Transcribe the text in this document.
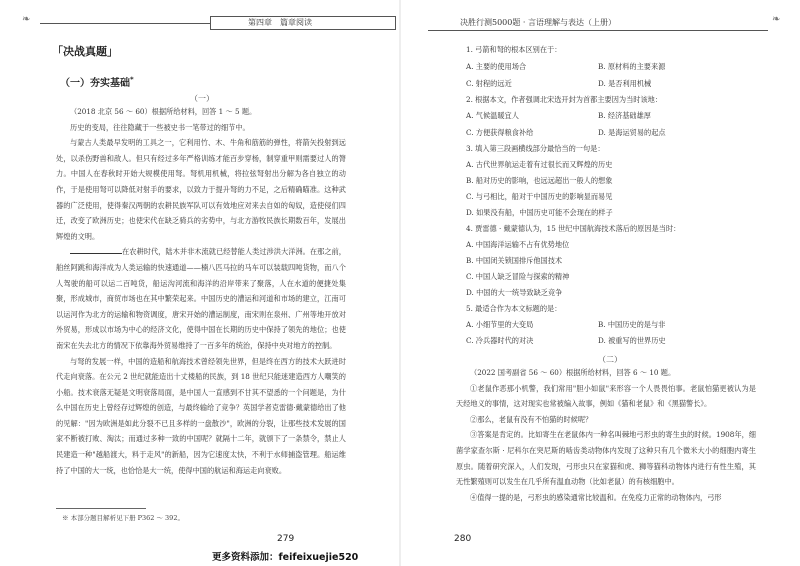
❧	第四章　篇章阅读
「决战真题」
（一）夯实基础*
（一）

（2018 北京 56 ～ 60）根据所给材料，回答 1 ～ 5 题。

历史的变局，往往隐藏于一些被史书一笔带过的细节中。

与蒙古人类最早发明的工具之一，它利用竹、木、牛角和筋筋的弹性，将箭矢投射到远处，以杀伤野兽和敌人。但只有经过多年严格训练才能百步穿杨，制穿重甲则需要过人的膂力。中国人在春秋时开始大规模使用弩。弩机用机械，将拉弦弩射出分解为各自独立的动作，于是使用弩可以降低对射手的要求，以致力于提升弩的力不足，之后精确瞄准。这种武器的广泛使用，使得秦汉两朝的农耕民族军队可以有效地应对来去自如的匈奴，造使侵们四迁，改变了欧洲历史；也使宋代在缺乏骑兵的劣势中，与北方游牧民族长期数百年，发展出辉煌的文明。

在农耕时代，陆木并非木流就已经替能人类过涉洪大洋洲。在那之前，舶丝阿跳和海洋成为人类运输的快速通道——楠八匹马拉的马车可以装载四吨货物，而八个人驾驶的船可以运二百吨货，船运沟河流和海洋的沿岸带来了聚落，人在水道的便捷处集聚，形成城市，商贸市场也在其中繁荣起来。中国历史的漕运和河道和市场的建立，江南可以运河作为北方的运输和物资调度，唐宋开始的漕运制度，南宋则在泉州、广州等地开放对外贸易，形成以市场为中心的经济文化，使得中国在长期的历史中保持了领先的地位；也使南宋在失去北方的情况下依靠海外贸易维持了一百多年的统治，保持中央对地方的控制。

与弩的发展一样，中国的造船和航海技术曾经领先世界，但是终在西方的技术大跃进时代走向衰落。在公元 2 世纪就能造出十丈楼船的民族，到 18 世纪只能迷建造西方人嘲笑的小船。技术衰落无疑是文明衰落局面，是中国人一直感到不甘其不望悉的一个问题是，为什么中国在历史上曾经存过辉煌的创造，与最终输给了竞争？英国学者克雷德·戴蒙德给出了他的见解："因为欧洲是如此分裂不已且多样的一盘散沙"，欧洲的分裂，让那些技术发展的国家不断被打败、淘汰；而通过多种一致的中国呢？就隔十二年，就颁下了一条禁令，禁止人民建造一种"越船渡大，料于走风"的新船，因为它速度太快，不利于水师捕盗管理。船运维持了中国的大一统，也恰恰是大一统，使得中国的航运和海运走向衰败。

※ 本部分题目解析见下册 P362 ～ 392。
279
更多资料添加：feifeixuejie520
决胜行测5000题 · 言语理解与表达（上册）	❧
1. 弓箭和弩的根本区别在于：
A. 主要的使用场合	B. 原材料的主要来源
C. 射程的远近	D. 是否利用机械
2. 根据本文，作者强调北宋选开封为首都主要因为当时该地：
A. 气候温暖宜人	B. 经济基础雄厚
C. 方便获得粮食补给	D. 是海运贸易的起点
3. 填入第三段画横线部分最恰当的一句是：
A. 古代世界航运走着有过很长而又辉煌的历史
B. 船对历史的影响，也远远超出一般人的想象
C. 与弓相比，船对于中国历史的影响显而易见
D. 如果没有船，中国历史可能不会现在的样子
4. 贾雷德 · 戴蒙德认为，15 世纪中国航海技术落后的原因是当时：
A. 中国海洋运输不占有优势地位
B. 中国闭关锁国排斥他国技术
C. 中国人缺乏冒险与探索的精神
D. 中国的大一统导致缺乏竞争
5. 最适合作为本文标题的是：
A. 小细节里的大变局	B. 中国历史的是与非
C. 冷兵器时代的对决	D. 被重写的世界历史
（二）

（2022 国考副省 56 ～ 60）根据所给材料，回答 6 ～ 10 题。

①老鼠作恶那小机警，我们常用"胆小如鼠"来形容一个人畏畏怕事。老鼠怕猫更被认为是天经地义的事情，这对现实也常被编入故事，例如《猫和老鼠》和《黑猫警长》。

②那么，老鼠有没有不怕猫的时候呢？

③答案是肯定的。比如寄生在老鼠体内一种名叫棘地弓形虫的寄生虫的时候。1908年，细菌学家查尔斯 · 尼科尔在突尼斯的啮齿类动物体内发现了这种只有几个微米大小的细胞内寄生原虫。随着研究深入，人们发现，弓形虫只在家猫和虎、狮等猫科动物体内进行有性生殖，其无性繁殖则可以发生在几乎所有温血动物（比如老鼠）的有核细胞中。

④值得一提的是，弓形虫的感染通常比较温和。在免疫力正常的动物体内，弓形

280
